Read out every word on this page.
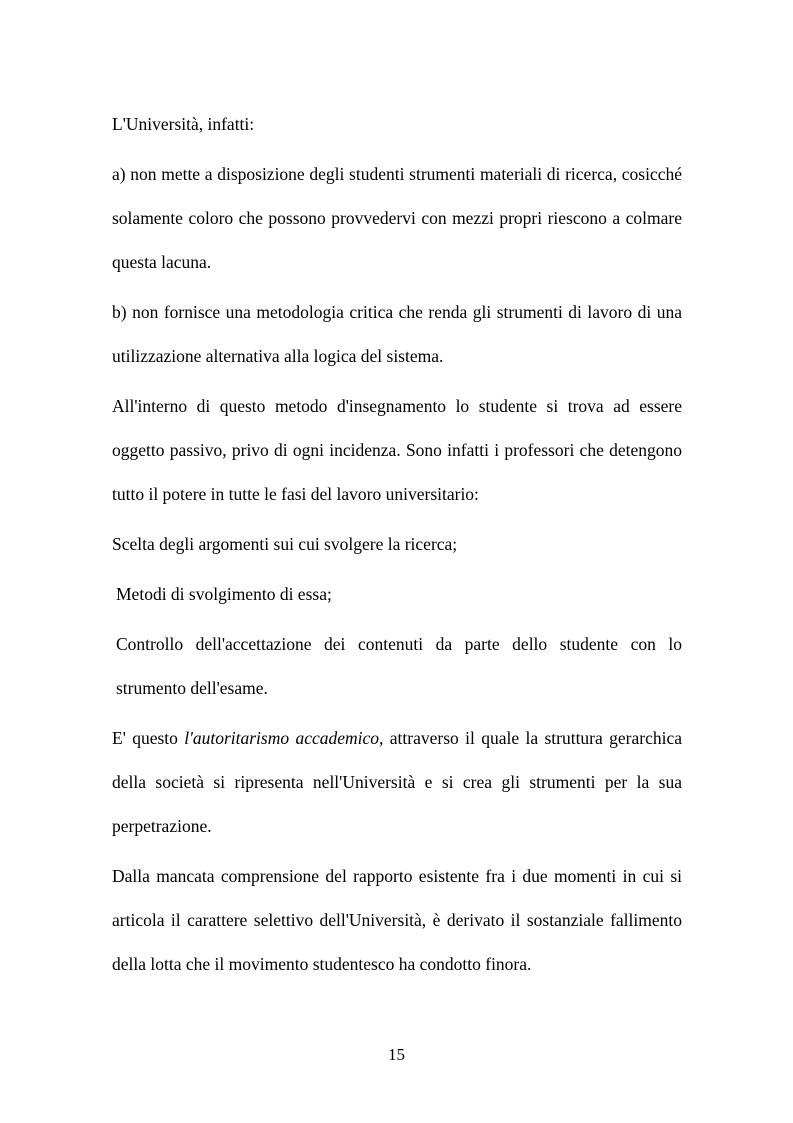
L'Università, infatti:

a) non mette a disposizione degli studenti strumenti materiali di ricerca, cosicché solamente coloro che possono provvedervi con mezzi propri riescono a colmare questa lacuna.

b) non fornisce una metodologia critica che renda gli strumenti di lavoro di una utilizzazione alternativa alla logica del sistema.

All'interno di questo metodo d'insegnamento lo studente si trova ad essere oggetto passivo, privo di ogni incidenza. Sono infatti i professori che detengono tutto il potere in tutte le fasi del lavoro universitario:

Scelta degli argomenti sui cui svolgere la ricerca;

Metodi di svolgimento di essa;

Controllo dell'accettazione dei contenuti da parte dello studente con lo strumento dell'esame.

E' questo l'autoritarismo accademico, attraverso il quale la struttura gerarchica della società si ripresenta nell'Università e si crea gli strumenti per la sua perpetrazione.

Dalla mancata comprensione del rapporto esistente fra i due momenti in cui si articola il carattere selettivo dell'Università, è derivato il sostanziale fallimento della lotta che il movimento studentesco ha condotto finora.

15
